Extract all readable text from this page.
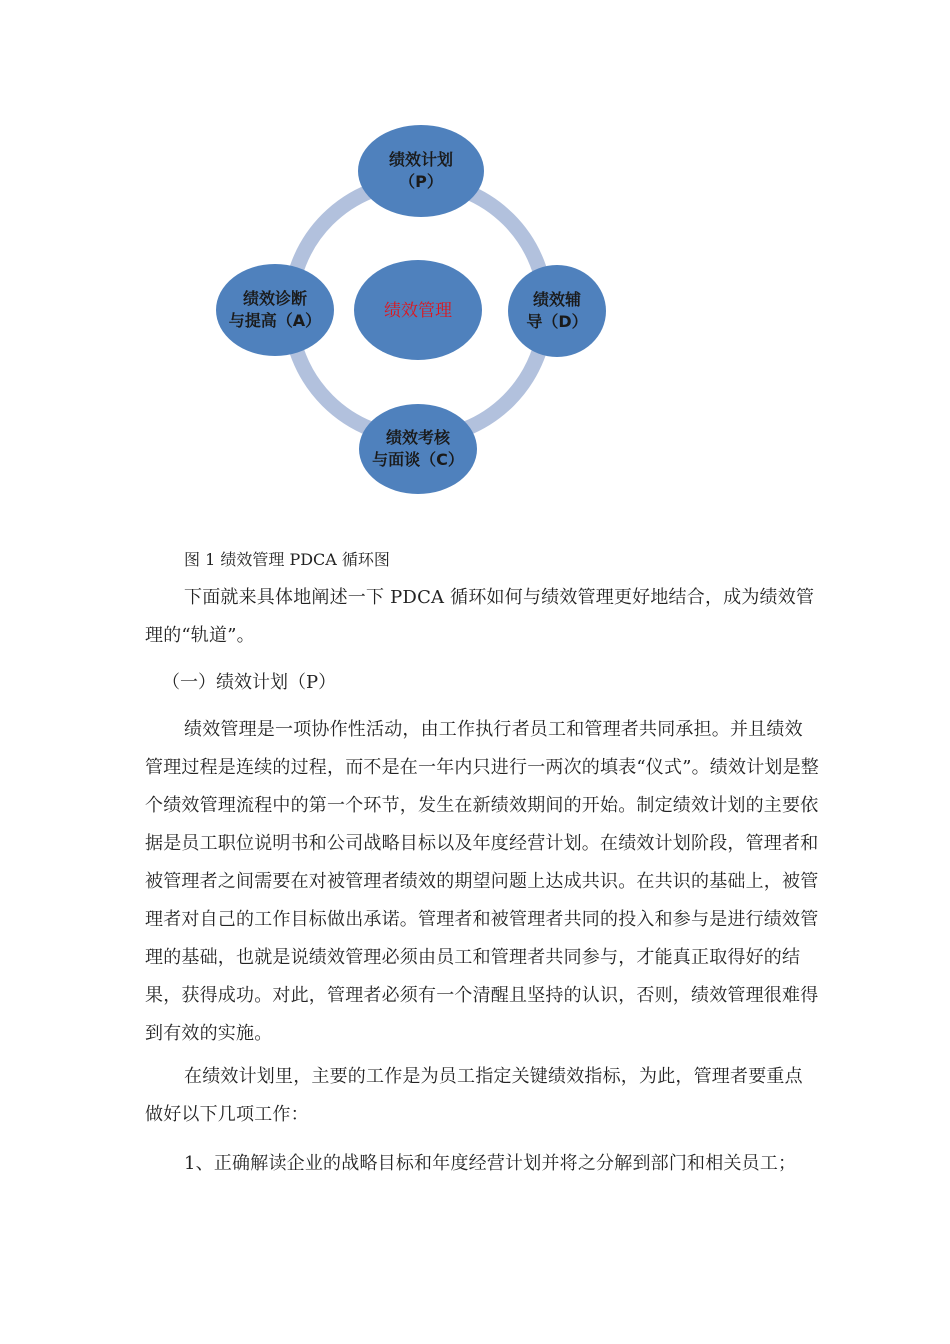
绩效管理
绩效计划
（P）
绩效辅
导（D）
绩效考核
与面谈（C）
绩效诊断
与提高（A）

图 1 绩效管理 PDCA 循环图

下面就来具体地阐述一下 PDCA 循环如何与绩效管理更好地结合，成为绩效管理的“轨道”。

（一）绩效计划（P）

绩效管理是一项协作性活动，由工作执行者员工和管理者共同承担。并且绩效管理过程是连续的过程，而不是在一年内只进行一两次的填表“仪式”。绩效计划是整个绩效管理流程中的第一个环节，发生在新绩效期间的开始。制定绩效计划的主要依据是员工职位说明书和公司战略目标以及年度经营计划。在绩效计划阶段，管理者和被管理者之间需要在对被管理者绩效的期望问题上达成共识。在共识的基础上，被管理者对自己的工作目标做出承诺。管理者和被管理者共同的投入和参与是进行绩效管理的基础，也就是说绩效管理必须由员工和管理者共同参与，才能真正取得好的结果，获得成功。对此，管理者必须有一个清醒且坚持的认识，否则，绩效管理很难得到有效的实施。

在绩效计划里，主要的工作是为员工指定关键绩效指标，为此，管理者要重点做好以下几项工作：

1、正确解读企业的战略目标和年度经营计划并将之分解到部门和相关员工；
